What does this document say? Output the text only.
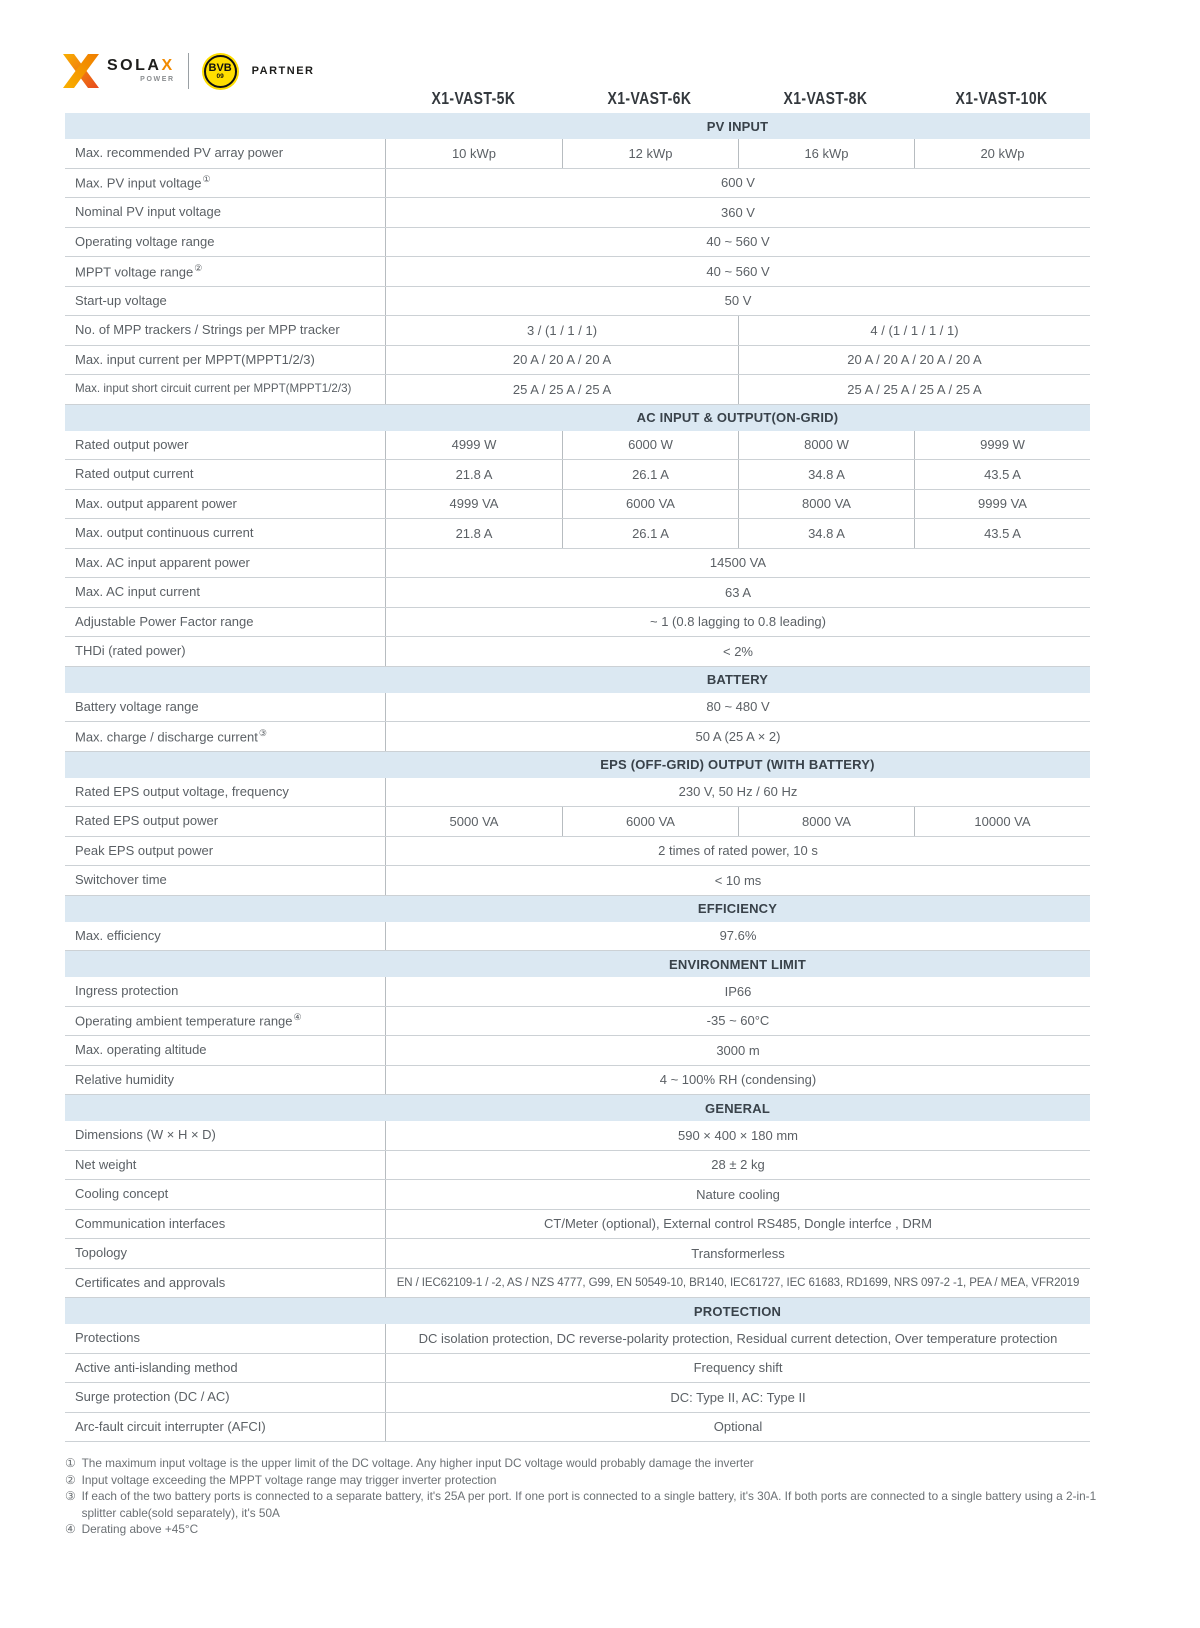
SOLAX
POWER
BVB
09	PARTNER
X1-VAST-5K	X1-VAST-6K	X1-VAST-8K	X1-VAST-10K
PV INPUT
Max. recommended PV array power	10 kWp	12 kWp	16 kWp	20 kWp
Max. PV input voltage①	600 V
Nominal PV input voltage	360 V
Operating voltage range	40 ~ 560 V
MPPT voltage range②	40 ~ 560 V
Start-up voltage	50 V
No. of MPP trackers / Strings per MPP tracker	3 / (1 / 1 / 1)	4 / (1 / 1 / 1 / 1)
Max. input current per MPPT(MPPT1/2/3)	20 A / 20 A / 20 A	20 A / 20 A / 20 A / 20 A
Max. input short circuit current per MPPT(MPPT1/2/3)	25 A / 25 A / 25 A	25 A / 25 A / 25 A / 25 A
AC INPUT & OUTPUT(ON-GRID)
Rated output power	4999 W	6000 W	8000 W	9999 W
Rated output current	21.8 A	26.1 A	34.8 A	43.5 A
Max. output apparent power	4999 VA	6000 VA	8000 VA	9999 VA
Max. output continuous current	21.8 A	26.1 A	34.8 A	43.5 A
Max. AC input apparent power	14500 VA
Max. AC input current	63 A
Adjustable Power Factor range	~ 1 (0.8 lagging to 0.8 leading)
THDi (rated power)	< 2%
BATTERY
Battery voltage range	80 ~ 480 V
Max. charge / discharge current③	50 A (25 A × 2)
EPS (OFF-GRID) OUTPUT (WITH BATTERY)
Rated EPS output voltage, frequency	230 V, 50 Hz / 60 Hz
Rated EPS output power	5000 VA	6000 VA	8000 VA	10000 VA
Peak EPS output power	2 times of rated power, 10 s
Switchover time	< 10 ms
EFFICIENCY
Max. efficiency	97.6%
ENVIRONMENT LIMIT
Ingress protection	IP66
Operating ambient temperature range④	-35 ~ 60°C
Max. operating altitude	3000 m
Relative humidity	4 ~ 100% RH (condensing)
GENERAL
Dimensions (W × H × D)	590 × 400 × 180 mm
Net weight	28 ± 2 kg
Cooling concept	Nature cooling
Communication interfaces	CT/Meter (optional), External control RS485, Dongle interfce , DRM
Topology	Transformerless
Certificates and approvals	EN / IEC62109-1 / -2, AS / NZS 4777, G99, EN 50549-10, BR140, IEC61727, IEC 61683, RD1699, NRS 097-2 -1, PEA / MEA, VFR2019
PROTECTION
Protections	DC isolation protection, DC reverse-polarity protection, Residual current detection, Over temperature protection
Active anti-islanding method	Frequency shift
Surge protection (DC / AC)	DC: Type II, AC: Type II
Arc-fault circuit interrupter (AFCI)	Optional
① The maximum input voltage is the upper limit of the DC voltage. Any higher input DC voltage would probably damage the inverter
② Input voltage exceeding the MPPT voltage range may trigger inverter protection
③ If each of the two battery ports is connected to a separate battery, it's 25A per port. If one port is connected to a single battery, it's 30A. If both ports are connected to a single battery using a 2-in-1 splitter cable(sold separately), it's 50A
④ Derating above +45°C
